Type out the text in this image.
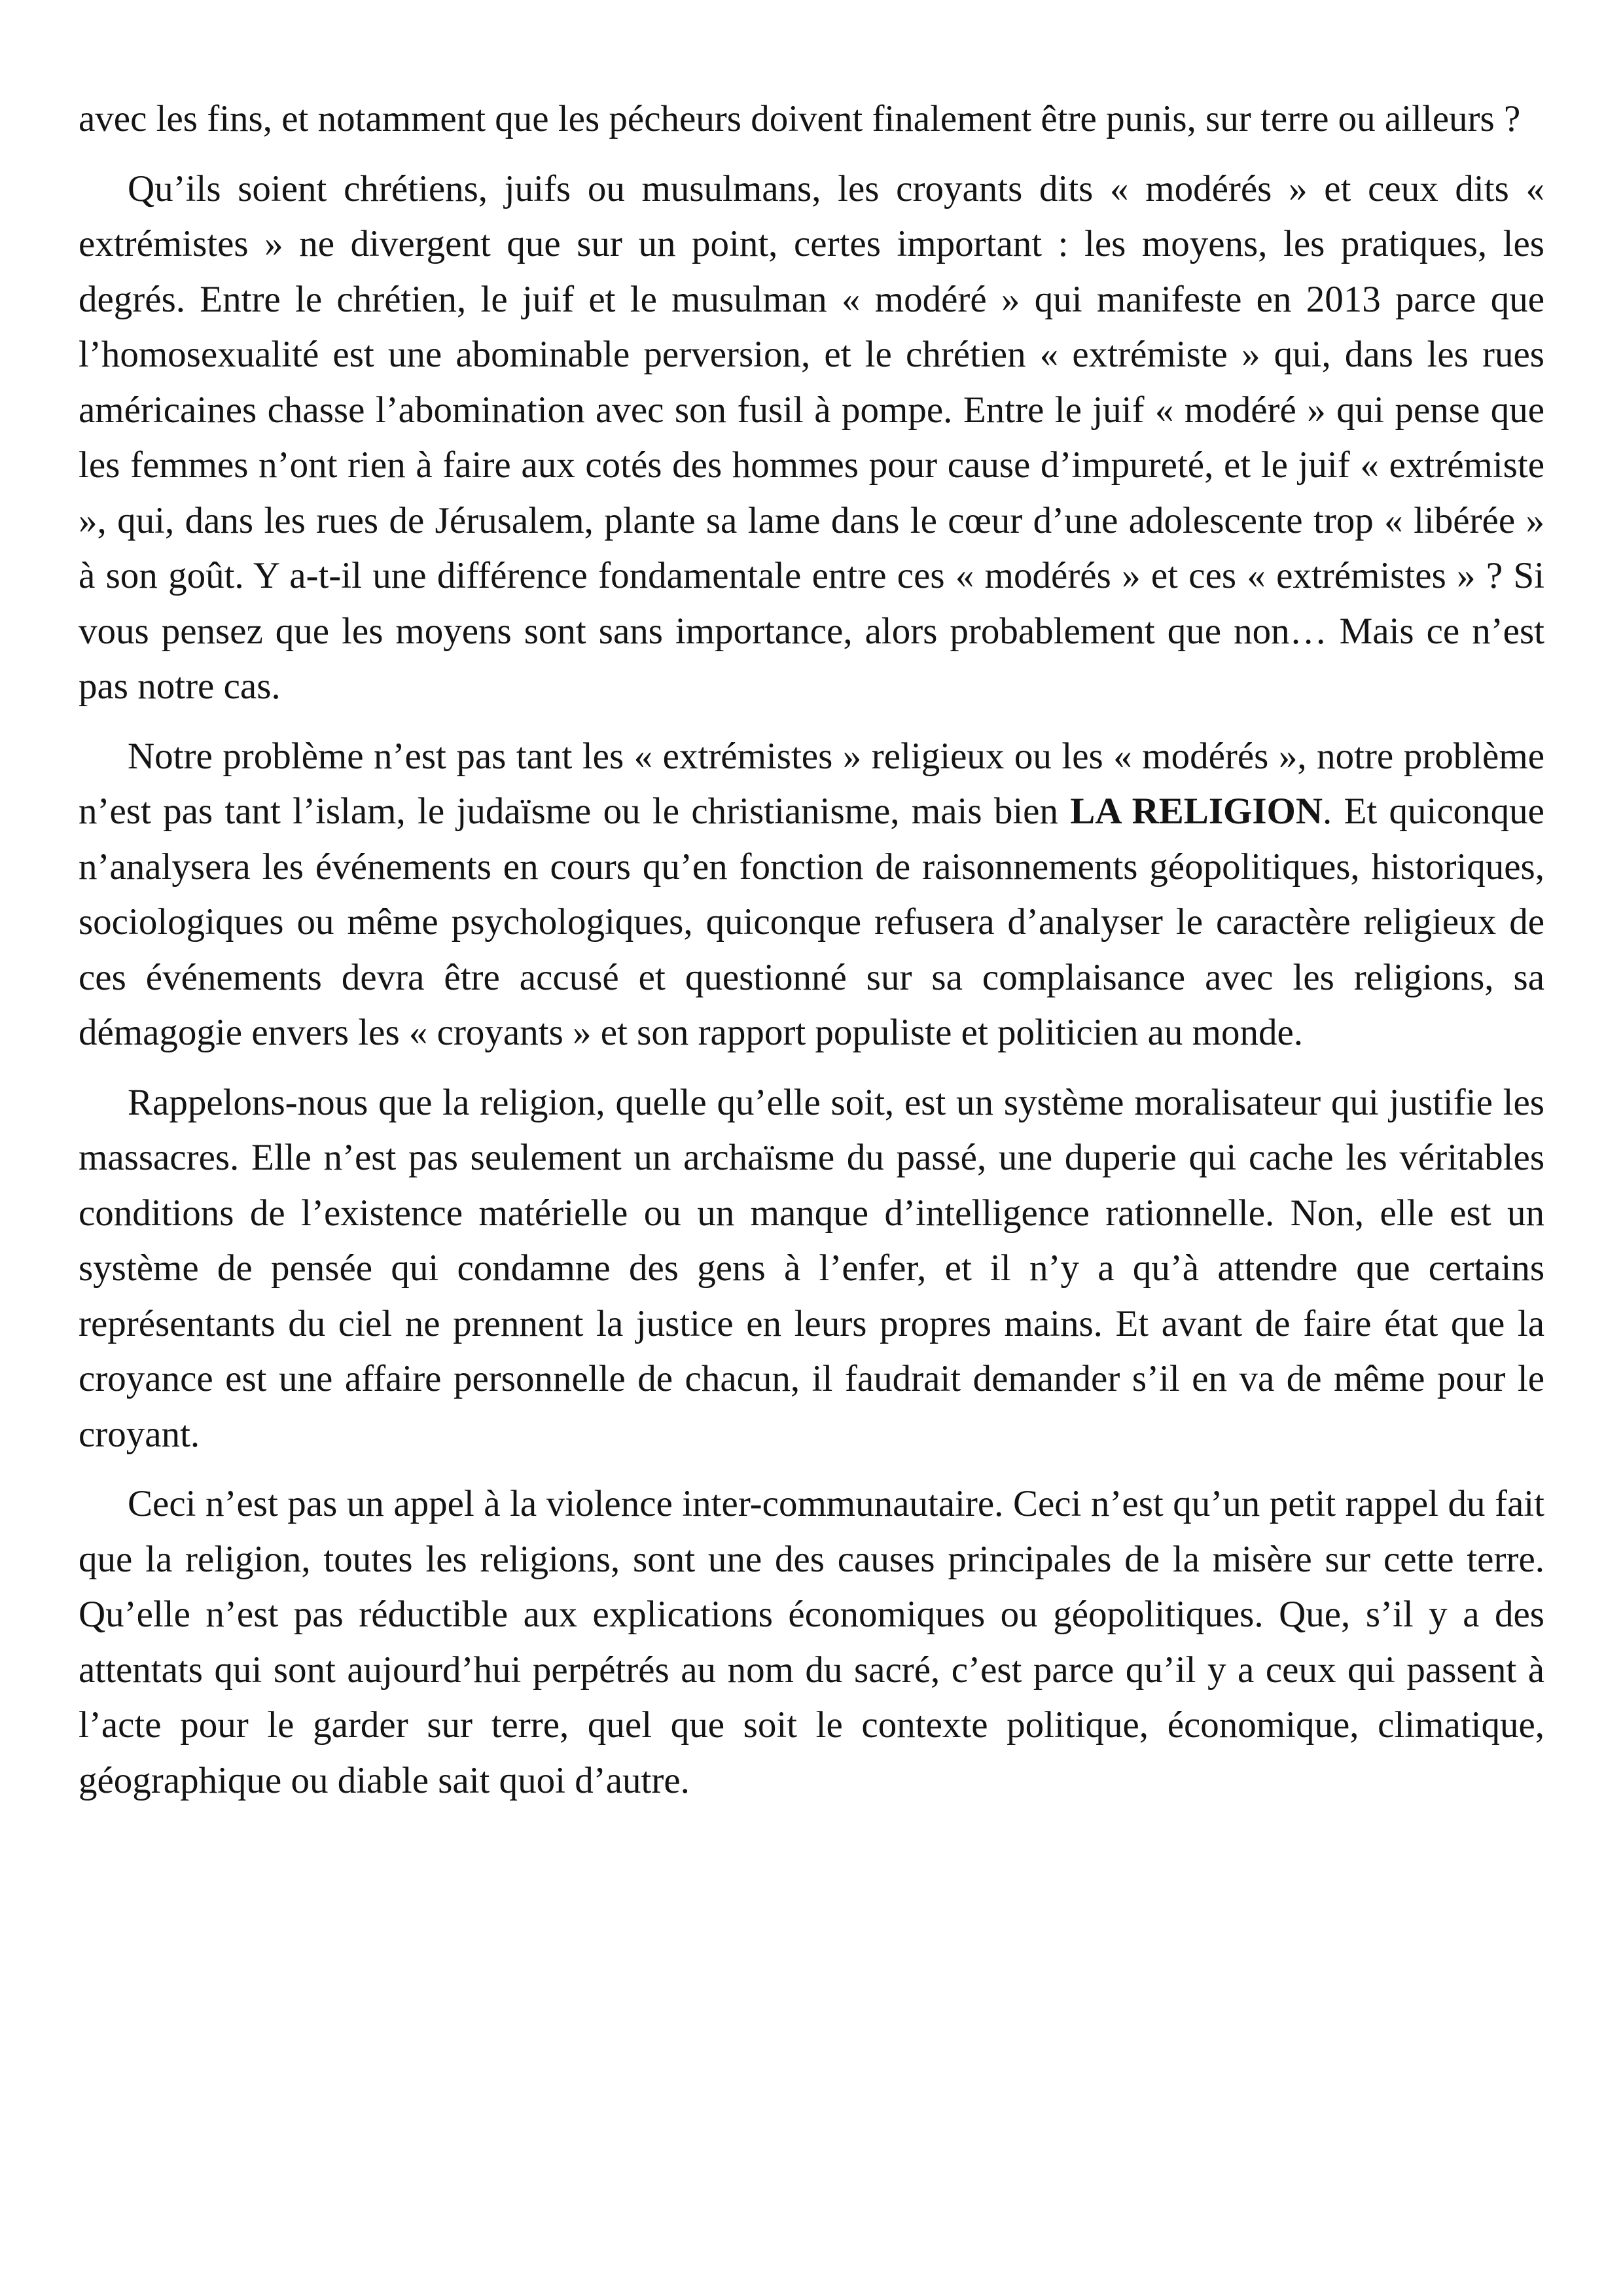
avec les fins, et notamment que les pécheurs doivent finalement être punis, sur terre ou ailleurs ?

Qu’ils soient chrétiens, juifs ou musulmans, les croyants dits « modérés » et ceux dits « extrémistes » ne divergent que sur un point, certes important : les moyens, les pratiques, les degrés. Entre le chrétien, le juif et le musulman « modéré » qui manifeste en 2013 parce que l’homosexualité est une abominable perversion, et le chrétien « extrémiste » qui, dans les rues américaines chasse l’abomination avec son fusil à pompe. Entre le juif « modéré » qui pense que les femmes n’ont rien à faire aux cotés des hommes pour cause d’impureté, et le juif « extrémiste », qui, dans les rues de Jérusalem, plante sa lame dans le cœur d’une adolescente trop « libérée » à son goût. Y a-t-il une différence fondamentale entre ces « modérés » et ces « extrémistes » ? Si vous pensez que les moyens sont sans importance, alors probablement que non… Mais ce n’est pas notre cas.

Notre problème n’est pas tant les « extrémistes » religieux ou les « modérés », notre problème n’est pas tant l’islam, le judaïsme ou le christianisme, mais bien LA RELIGION. Et quiconque n’analysera les événements en cours qu’en fonction de raisonnements géopolitiques, historiques, sociologiques ou même psychologiques, quiconque refusera d’analyser le caractère religieux de ces événements devra être accusé et questionné sur sa complaisance avec les religions, sa démagogie envers les « croyants » et son rapport populiste et politicien au monde.

Rappelons-nous que la religion, quelle qu’elle soit, est un système moralisateur qui justifie les massacres. Elle n’est pas seulement un archaïsme du passé, une duperie qui cache les véritables conditions de l’existence matérielle ou un manque d’intelligence rationnelle. Non, elle est un système de pensée qui condamne des gens à l’enfer, et il n’y a qu’à attendre que certains représentants du ciel ne prennent la justice en leurs propres mains. Et avant de faire état que la croyance est une affaire personnelle de chacun, il faudrait demander s’il en va de même pour le croyant.

Ceci n’est pas un appel à la violence inter-communautaire. Ceci n’est qu’un petit rappel du fait que la religion, toutes les religions, sont une des causes principales de la misère sur cette terre. Qu’elle n’est pas réductible aux explications économiques ou géopolitiques. Que, s’il y a des attentats qui sont aujourd’hui perpétrés au nom du sacré, c’est parce qu’il y a ceux qui passent à l’acte pour le garder sur terre, quel que soit le contexte politique, économique, climatique, géographique ou diable sait quoi d’autre.
